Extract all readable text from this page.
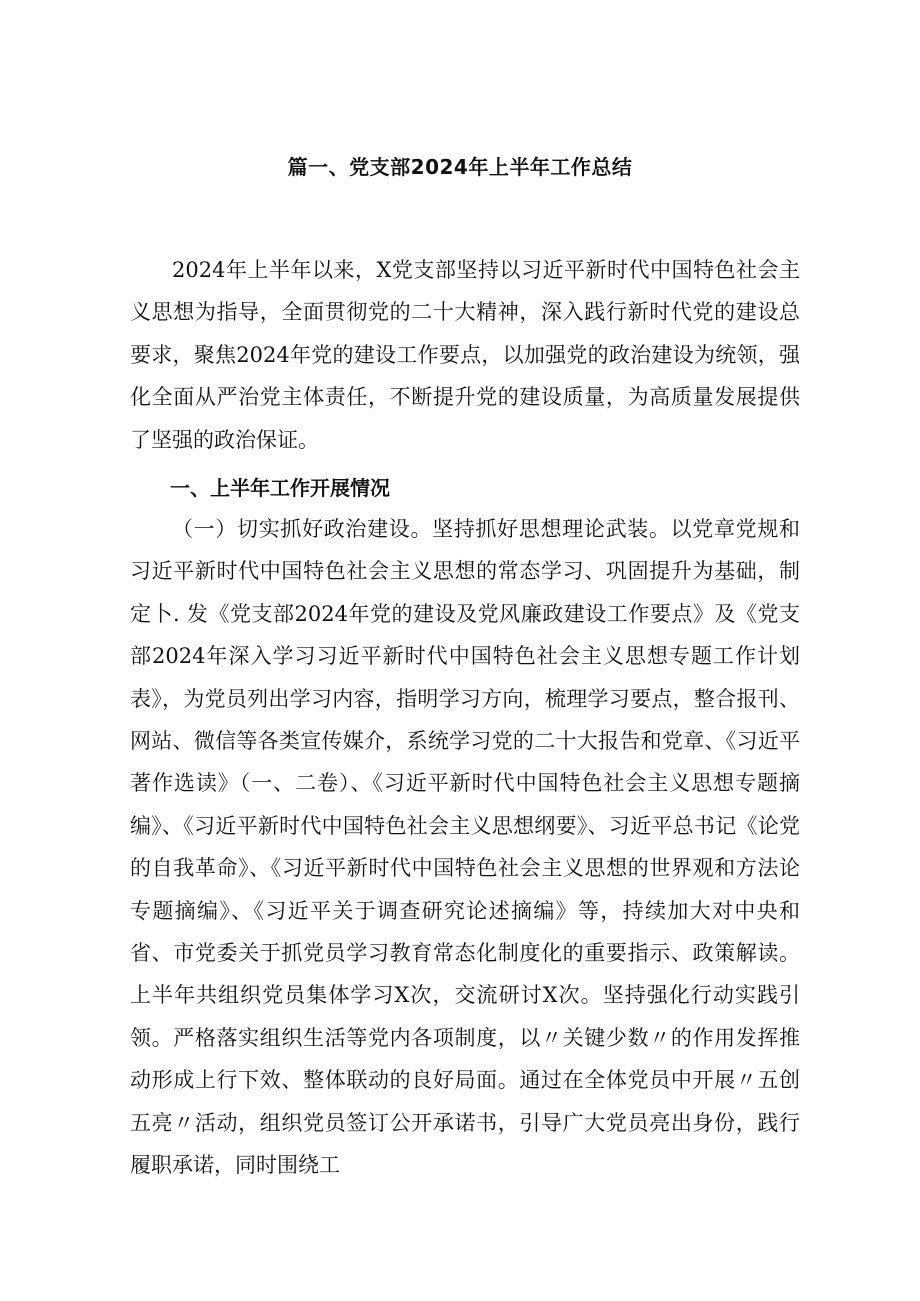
篇一、党支部2024年上半年工作总结

2024年上半年以来，X党支部坚持以习近平新时代中国特色社会主义思想为指导，全面贯彻党的二十大精神，深入践行新时代党的建设总要求，聚焦2024年党的建设工作要点，以加强党的政治建设为统领，强化全面从严治党主体责任，不断提升党的建设质量，为高质量发展提供了坚强的政治保证。

一、上半年工作开展情况

（一）切实抓好政治建设。坚持抓好思想理论武装。以党章党规和习近平新时代中国特色社会主义思想的常态学习、巩固提升为基础，制定卜. 发《党支部2024年党的建设及党风廉政建设工作要点》及《党支部2024年深入学习习近平新时代中国特色社会主义思想专题工作计划表》，为党员列出学习内容，指明学习方向，梳理学习要点，整合报刊、网站、微信等各类宣传媒介，系统学习党的二十大报告和党章、《习近平著作选读》（一、二卷）、《习近平新时代中国特色社会主义思想专题摘编》、《习近平新时代中国特色社会主义思想纲要》、习近平总书记《论党的自我革命》、《习近平新时代中国特色社会主义思想的世界观和方法论专题摘编》、《习近平关于调查研究论述摘编》等，持续加大对中央和省、市党委关于抓党员学习教育常态化制度化的重要指示、政策解读。上半年共组织党员集体学习X次，交流研讨X次。坚持强化行动实践引领。严格落实组织生活等党内各项制度，以〃关键少数〃的作用发挥推动形成上行下效、整体联动的良好局面。通过在全体党员中开展〃五创五亮〃活动，组织党员签订公开承诺书，引导广大党员亮出身份，践行履职承诺，同时围绕工
